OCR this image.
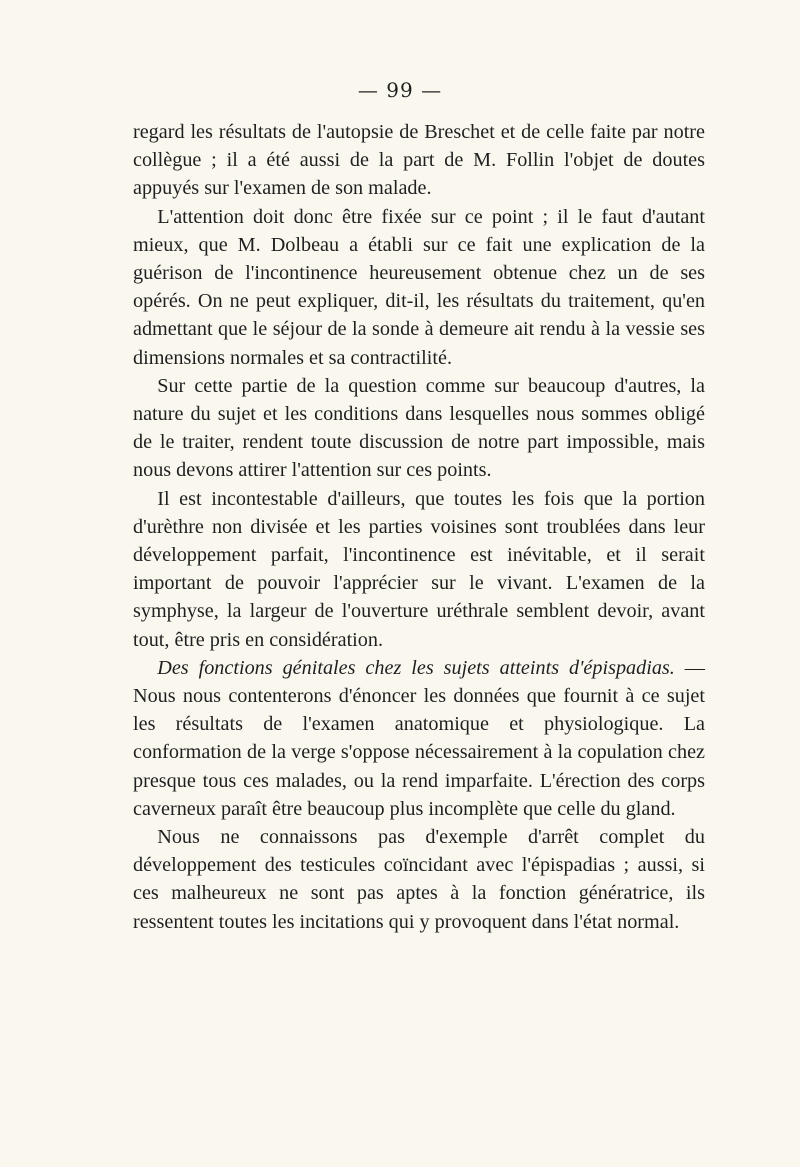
— 99 —

regard les résultats de l'autopsie de Breschet et de celle faite par notre collègue ; il a été aussi de la part de M. Follin l'objet de doutes appuyés sur l'examen de son malade.

L'attention doit donc être fixée sur ce point ; il le faut d'autant mieux, que M. Dolbeau a établi sur ce fait une explication de la guérison de l'incontinence heureusement obtenue chez un de ses opérés. On ne peut expliquer, dit-il, les résultats du traitement, qu'en admettant que le séjour de la sonde à demeure ait rendu à la vessie ses dimensions normales et sa contractilité.

Sur cette partie de la question comme sur beaucoup d'autres, la nature du sujet et les conditions dans lesquelles nous sommes obligé de le traiter, rendent toute discussion de notre part impossible, mais nous devons attirer l'attention sur ces points.

Il est incontestable d'ailleurs, que toutes les fois que la portion d'urèthre non divisée et les parties voisines sont troublées dans leur développement parfait, l'incontinence est inévitable, et il serait important de pouvoir l'apprécier sur le vivant. L'examen de la symphyse, la largeur de l'ouverture uréthrale semblent devoir, avant tout, être pris en considération.

Des fonctions génitales chez les sujets atteints d'épispadias. — Nous nous contenterons d'énoncer les données que fournit à ce sujet les résultats de l'examen anatomique et physiologique. La conformation de la verge s'oppose nécessairement à la copulation chez presque tous ces malades, ou la rend imparfaite. L'érection des corps caverneux paraît être beaucoup plus incomplète que celle du gland.

Nous ne connaissons pas d'exemple d'arrêt complet du développement des testicules coïncidant avec l'épispadias ; aussi, si ces malheureux ne sont pas aptes à la fonction génératrice, ils ressentent toutes les incitations qui y provoquent dans l'état normal.
